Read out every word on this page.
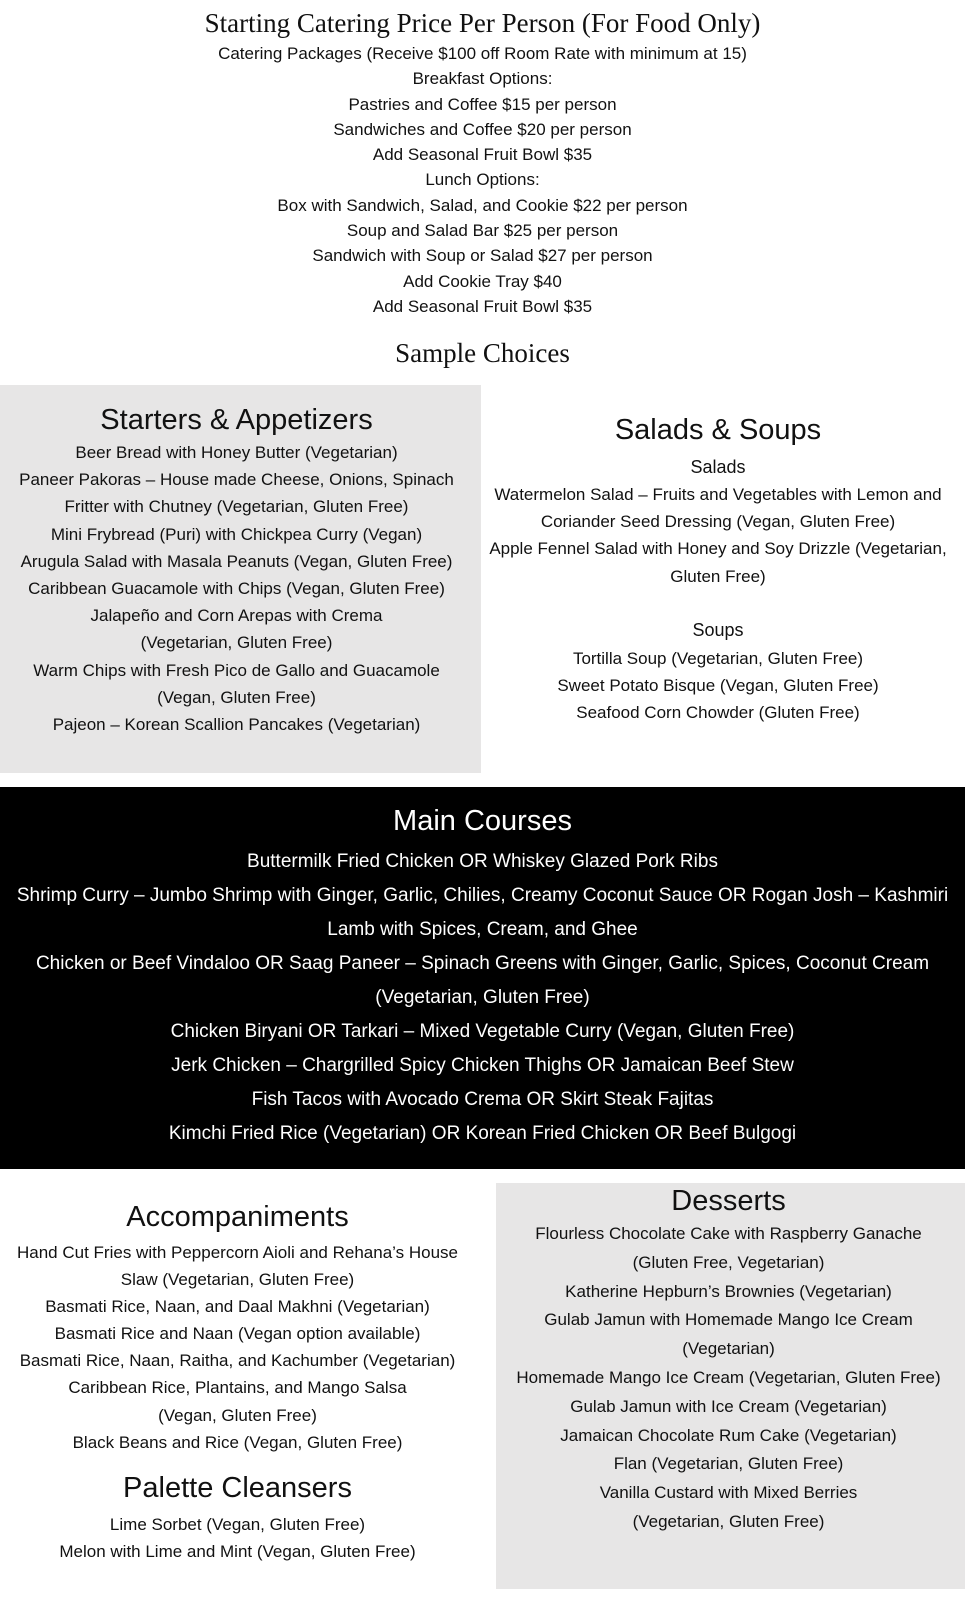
Starting Catering Price Per Person (For Food Only)
Catering Packages (Receive $100 off Room Rate with minimum at 15)
Breakfast Options:
Pastries and Coffee $15 per person
Sandwiches and Coffee $20 per person
Add Seasonal Fruit Bowl $35
Lunch Options:
Box with Sandwich, Salad, and Cookie $22 per person
Soup and Salad Bar $25 per person
Sandwich with Soup or Salad $27 per person
Add Cookie Tray $40
Add Seasonal Fruit Bowl $35
Sample Choices
Starters & Appetizers
Beer Bread with Honey Butter (Vegetarian)
Paneer Pakoras – House made Cheese, Onions, Spinach
Fritter with Chutney (Vegetarian, Gluten Free)
Mini Frybread (Puri) with Chickpea Curry (Vegan)
Arugula Salad with Masala Peanuts (Vegan, Gluten Free)
Caribbean Guacamole with Chips (Vegan, Gluten Free)
Jalapeño and Corn Arepas with Crema
(Vegetarian, Gluten Free)
Warm Chips with Fresh Pico de Gallo and Guacamole
(Vegan, Gluten Free)
Pajeon – Korean Scallion Pancakes (Vegetarian)
Salads & Soups
Salads
Watermelon Salad – Fruits and Vegetables with Lemon and
Coriander Seed Dressing (Vegan, Gluten Free)
Apple Fennel Salad with Honey and Soy Drizzle (Vegetarian,
Gluten Free)
Soups
Tortilla Soup (Vegetarian, Gluten Free)
Sweet Potato Bisque (Vegan, Gluten Free)
Seafood Corn Chowder (Gluten Free)
Main Courses
Buttermilk Fried Chicken OR Whiskey Glazed Pork Ribs
Shrimp Curry – Jumbo Shrimp with Ginger, Garlic, Chilies, Creamy Coconut Sauce OR Rogan Josh – Kashmiri
Lamb with Spices, Cream, and Ghee
Chicken or Beef Vindaloo OR Saag Paneer – Spinach Greens with Ginger, Garlic, Spices, Coconut Cream
(Vegetarian, Gluten Free)
Chicken Biryani OR Tarkari – Mixed Vegetable Curry (Vegan, Gluten Free)
Jerk Chicken – Chargrilled Spicy Chicken Thighs OR Jamaican Beef Stew
Fish Tacos with Avocado Crema OR Skirt Steak Fajitas
Kimchi Fried Rice (Vegetarian) OR Korean Fried Chicken OR Beef Bulgogi
Accompaniments
Hand Cut Fries with Peppercorn Aioli and Rehana’s House
Slaw (Vegetarian, Gluten Free)
Basmati Rice, Naan, and Daal Makhni (Vegetarian)
Basmati Rice and Naan (Vegan option available)
Basmati Rice, Naan, Raitha, and Kachumber (Vegetarian)
Caribbean Rice, Plantains, and Mango Salsa
(Vegan, Gluten Free)
Black Beans and Rice (Vegan, Gluten Free)
Palette Cleansers
Lime Sorbet (Vegan, Gluten Free)
Melon with Lime and Mint (Vegan, Gluten Free)
Desserts
Flourless Chocolate Cake with Raspberry Ganache
(Gluten Free, Vegetarian)
Katherine Hepburn’s Brownies (Vegetarian)
Gulab Jamun with Homemade Mango Ice Cream
(Vegetarian)
Homemade Mango Ice Cream (Vegetarian, Gluten Free)
Gulab Jamun with Ice Cream (Vegetarian)
Jamaican Chocolate Rum Cake (Vegetarian)
Flan (Vegetarian, Gluten Free)
Vanilla Custard with Mixed Berries
(Vegetarian, Gluten Free)
